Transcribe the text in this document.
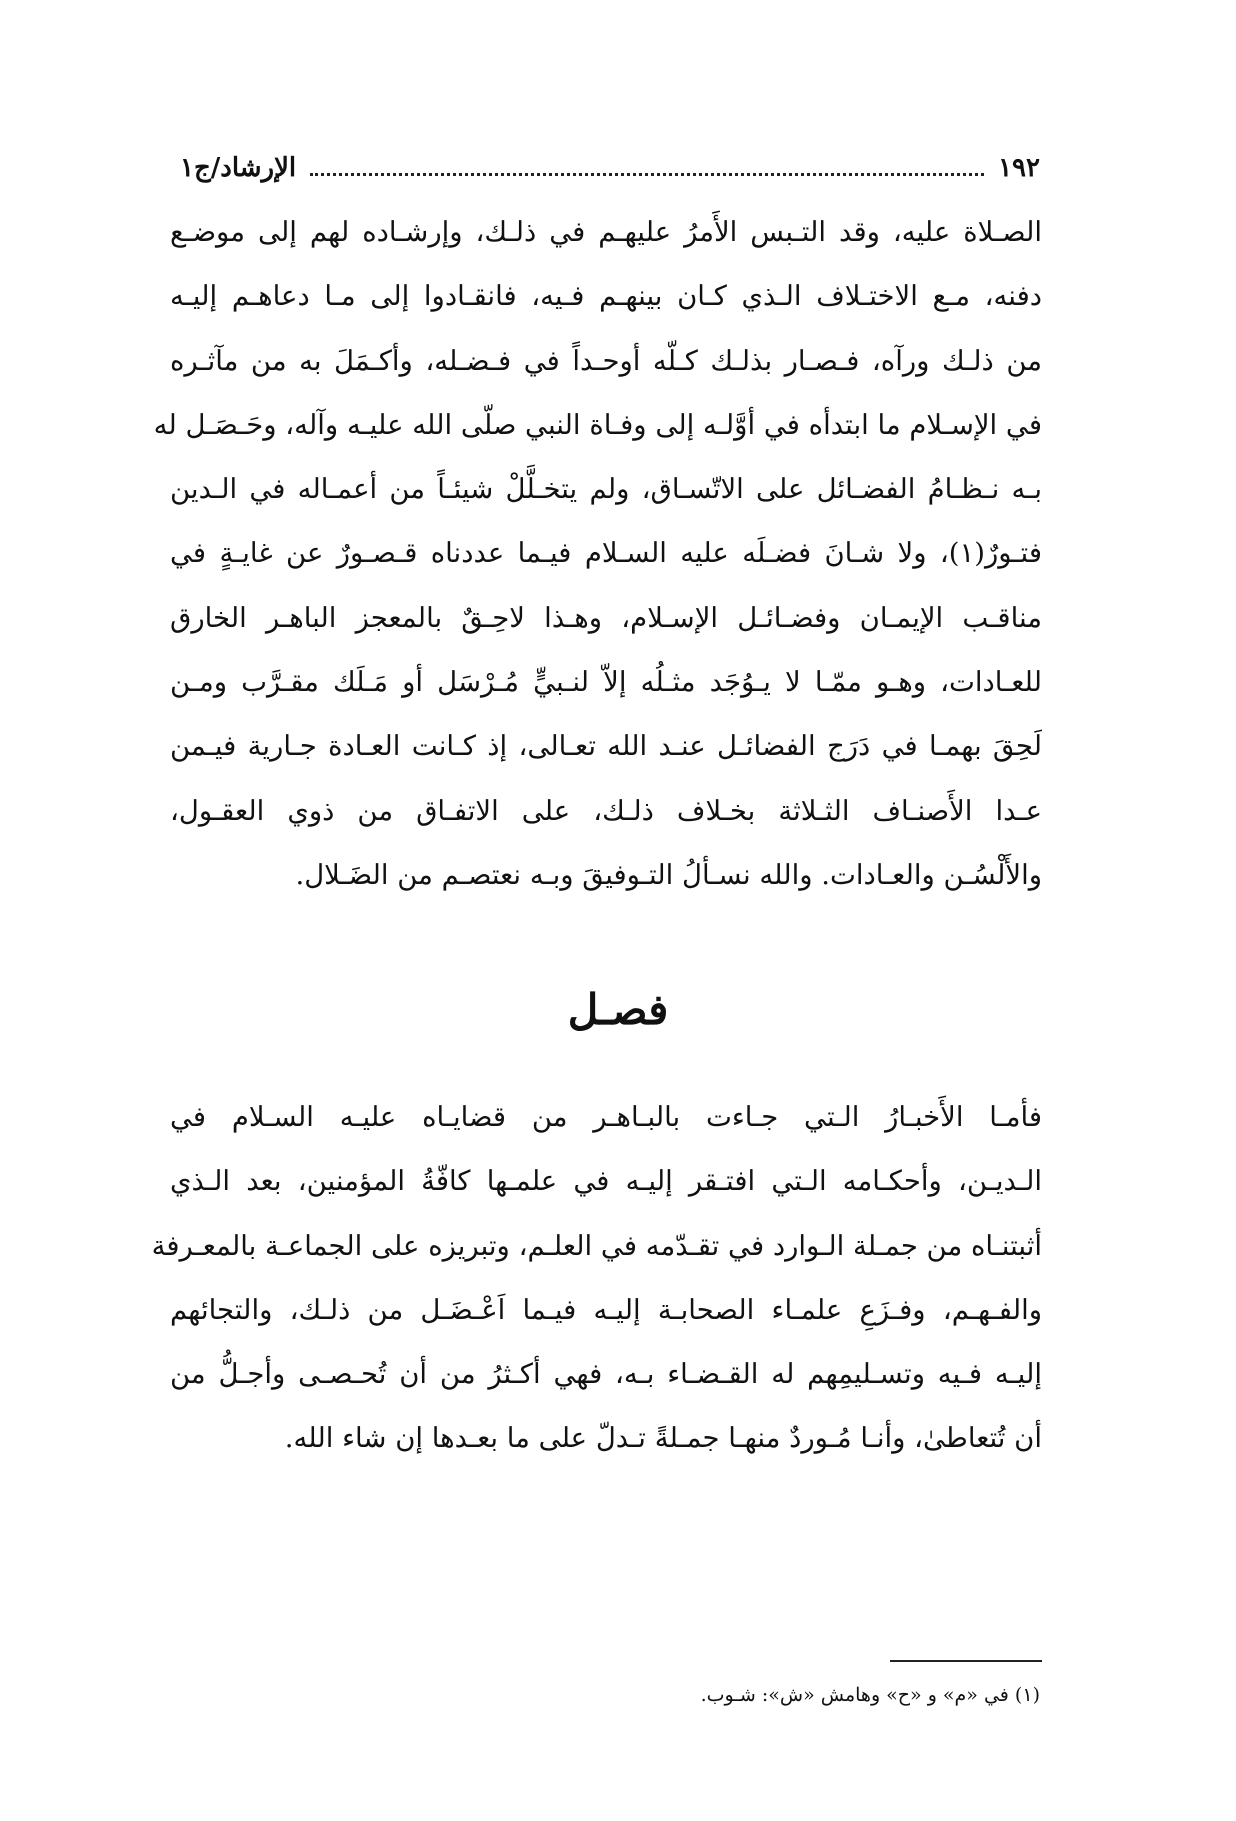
١٩٢
الإرشاد/ج١
الصـلاة عليه، وقد التـبس الأَمرُ عليهـم في ذلـك، وإرشـاده لهم إلى موضـع
دفنه، مـع الاختـلاف الـذي كـان بينهـم فـيه، فانقـادوا إلى مـا دعاهـم إليـه
من ذلـك ورآه، فـصـار بذلـك كـلّه أوحـداً في فـضـله، وأكـمَلَ به من مآثـره
في الإسـلام ما ابتدأه في أوَّلـه إلى وفـاة النبي صلّى الله عليـه وآله، وحَـصَـل له
بـه نـظـامُ الفضـائل على الاتّسـاق، ولم يتخـلَّلْ شيئـاً من أعمـاله في الـدين
فتـورٌ(١)، ولا شـانَ فضـلَه عليه السـلام فيـما عددناه قـصـورٌ عن غايـةٍ في
مناقـب الإيمـان وفضـائـل الإسـلام، وهـذا لاحِـقٌ بالمعجز الباهـر الخارق
للعـادات، وهـو ممّـا لا يـوُجَد مثـلُه إلاّ لنـبيٍّ مُـرْسَل أو مَـلَك مقـرَّب ومـن
لَحِقَ بهمـا في دَرَج الفضائـل عنـد الله تعـالى، إذ كـانت العـادة جـارية فيـمن
عـدا الأَصنـاف الثـلاثة بخـلاف ذلـك، على الاتفـاق من ذوي العقـول،
والأَلْسُـن والعـادات. والله نسـألُ التـوفيقَ وبـه نعتصـم من الضَـلال.
فصـل
فأمـا الأَخبـارُ الـتي جـاءت بالبـاهـر من قضايـاه عليـه السـلام في
الـديـن، وأحكـامه الـتي افتـقر إليـه في علمـها كافّةُ المؤمنين، بعد الـذي
أثبتنـاه من جمـلة الـوارد في تقـدّمه في العلـم، وتبريزه على الجماعـة بالمعـرفة
والفـهـم، وفـزَعِ علمـاء الصحابـة إليـه فيـما اَعْـضَـل من ذلـك، والتجائهم
إليـه فـيه وتسـليمِهم له القـضـاء بـه، فهي أكـثرُ من أن تُحـصـى وأجـلُّ من
أن تُتعاطىٰ، وأنـا مُـوردٌ منهـا جمـلةً تـدلّ على ما بعـدها إن شاء الله.
(١) في «م» و «ح» وهامش «ش»: شـوب.
